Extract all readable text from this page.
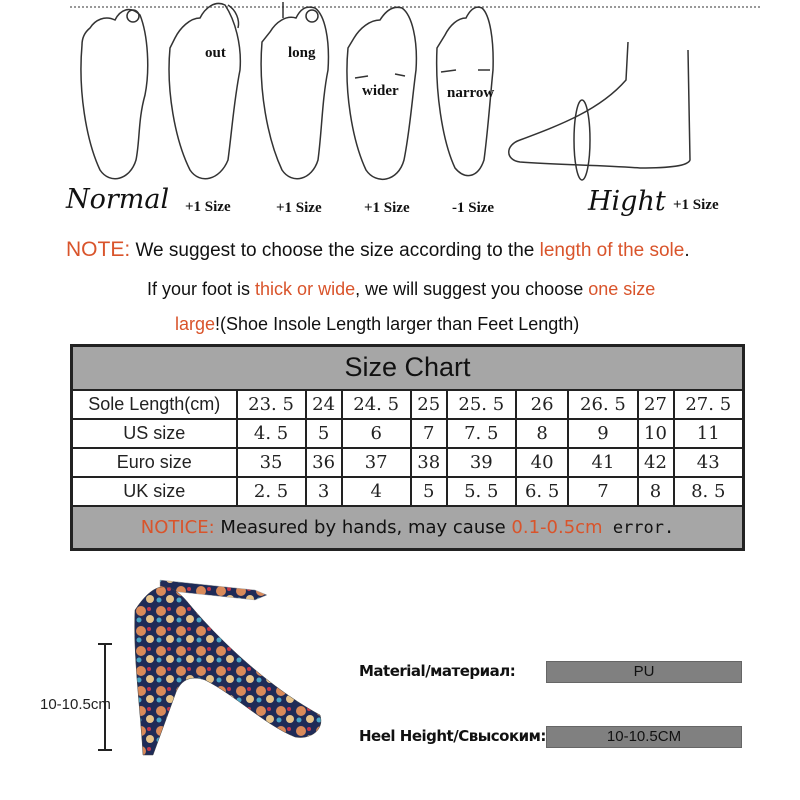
out	long
wider	narrow
Normal +1 Size	+1 Size	+1 Size	-1 Size	Hight +1 Size
NOTE: We suggest to choose the size according to the length of the sole.
If your foot is thick or wide, we will suggest you choose one size
large!(Shoe Insole Length larger than Feet Length)
Size Chart									
Sole Length(cm)	23. 5	24	24. 5	25	25. 5	26	26. 5	27	27. 5
US size	4. 5	5	6	7	7. 5	8	9	10	11
Euro size	35	36	37	38	39	40	41	42	43
UK size	2. 5	3	4	5	5. 5	6. 5	7	8	8. 5
NOTICE: Measured by hands, may cause 0.1-0.5cm error.									
10-10.5cm
Material/материал:	PU
Heel Height/Свысоким:	10-10.5CM
